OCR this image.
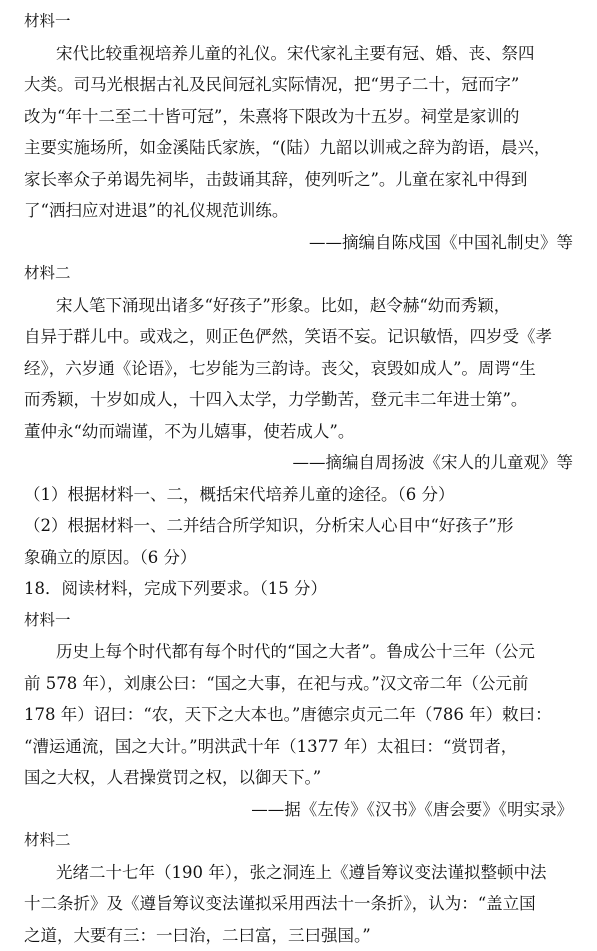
材料一

宋代比较重视培养儿童的礼仪。宋代家礼主要有冠、婚、丧、祭四

大类。司马光根据古礼及民间冠礼实际情况，把“男子二十，冠而字”

改为“年十二至二十皆可冠”，朱熹将下限改为十五岁。祠堂是家训的

主要实施场所，如金溪陆氏家族，“(陆）九韶以训戒之辞为韵语，晨兴，

家长率众子弟谒先祠毕，击鼓诵其辞，使列听之”。儿童在家礼中得到

了“洒扫应对进退”的礼仪规范训练。

——摘编自陈戍国《中国礼制史》等

材料二

宋人笔下涌现出诸多“好孩子”形象。比如，赵令赫“幼而秀颖，

自异于群儿中。或戏之，则正色俨然，笑语不妄。记识敏悟，四岁受《孝

经》，六岁通《论语》，七岁能为三韵诗。丧父，哀毁如成人”。周谔“生

而秀颖，十岁如成人，十四入太学，力学勤苦，登元丰二年进士第”。

董仲永“幼而端谨，不为儿嬉事，使若成人”。

——摘编自周扬波《宋人的儿童观》等

（1）根据材料一、二，概括宋代培养儿童的途径。（6 分）

（2）根据材料一、二并结合所学知识，分析宋人心目中“好孩子”形

象确立的原因。（6 分）

18．阅读材料，完成下列要求。（15 分）

材料一

历史上每个时代都有每个时代的“国之大者”。鲁成公十三年（公元

前 578 年），刘康公曰：“国之大事，在祀与戎。”汉文帝二年（公元前

178 年）诏曰：“农，天下之大本也。”唐德宗贞元二年（786 年）敕曰：

“漕运通流，国之大计。”明洪武十年（1377 年）太祖曰：“赏罚者，

国之大权，人君操赏罚之权，以御天下。”

——据《左传》《汉书》《唐会要》《明实录》

材料二

光绪二十七年（190 年），张之洞连上《遵旨筹议变法谨拟整顿中法

十二条折》及《遵旨筹议变法谨拟采用西法十一条折》，认为：“盖立国

之道，大要有三：一曰治，二曰富，三曰强国。”
